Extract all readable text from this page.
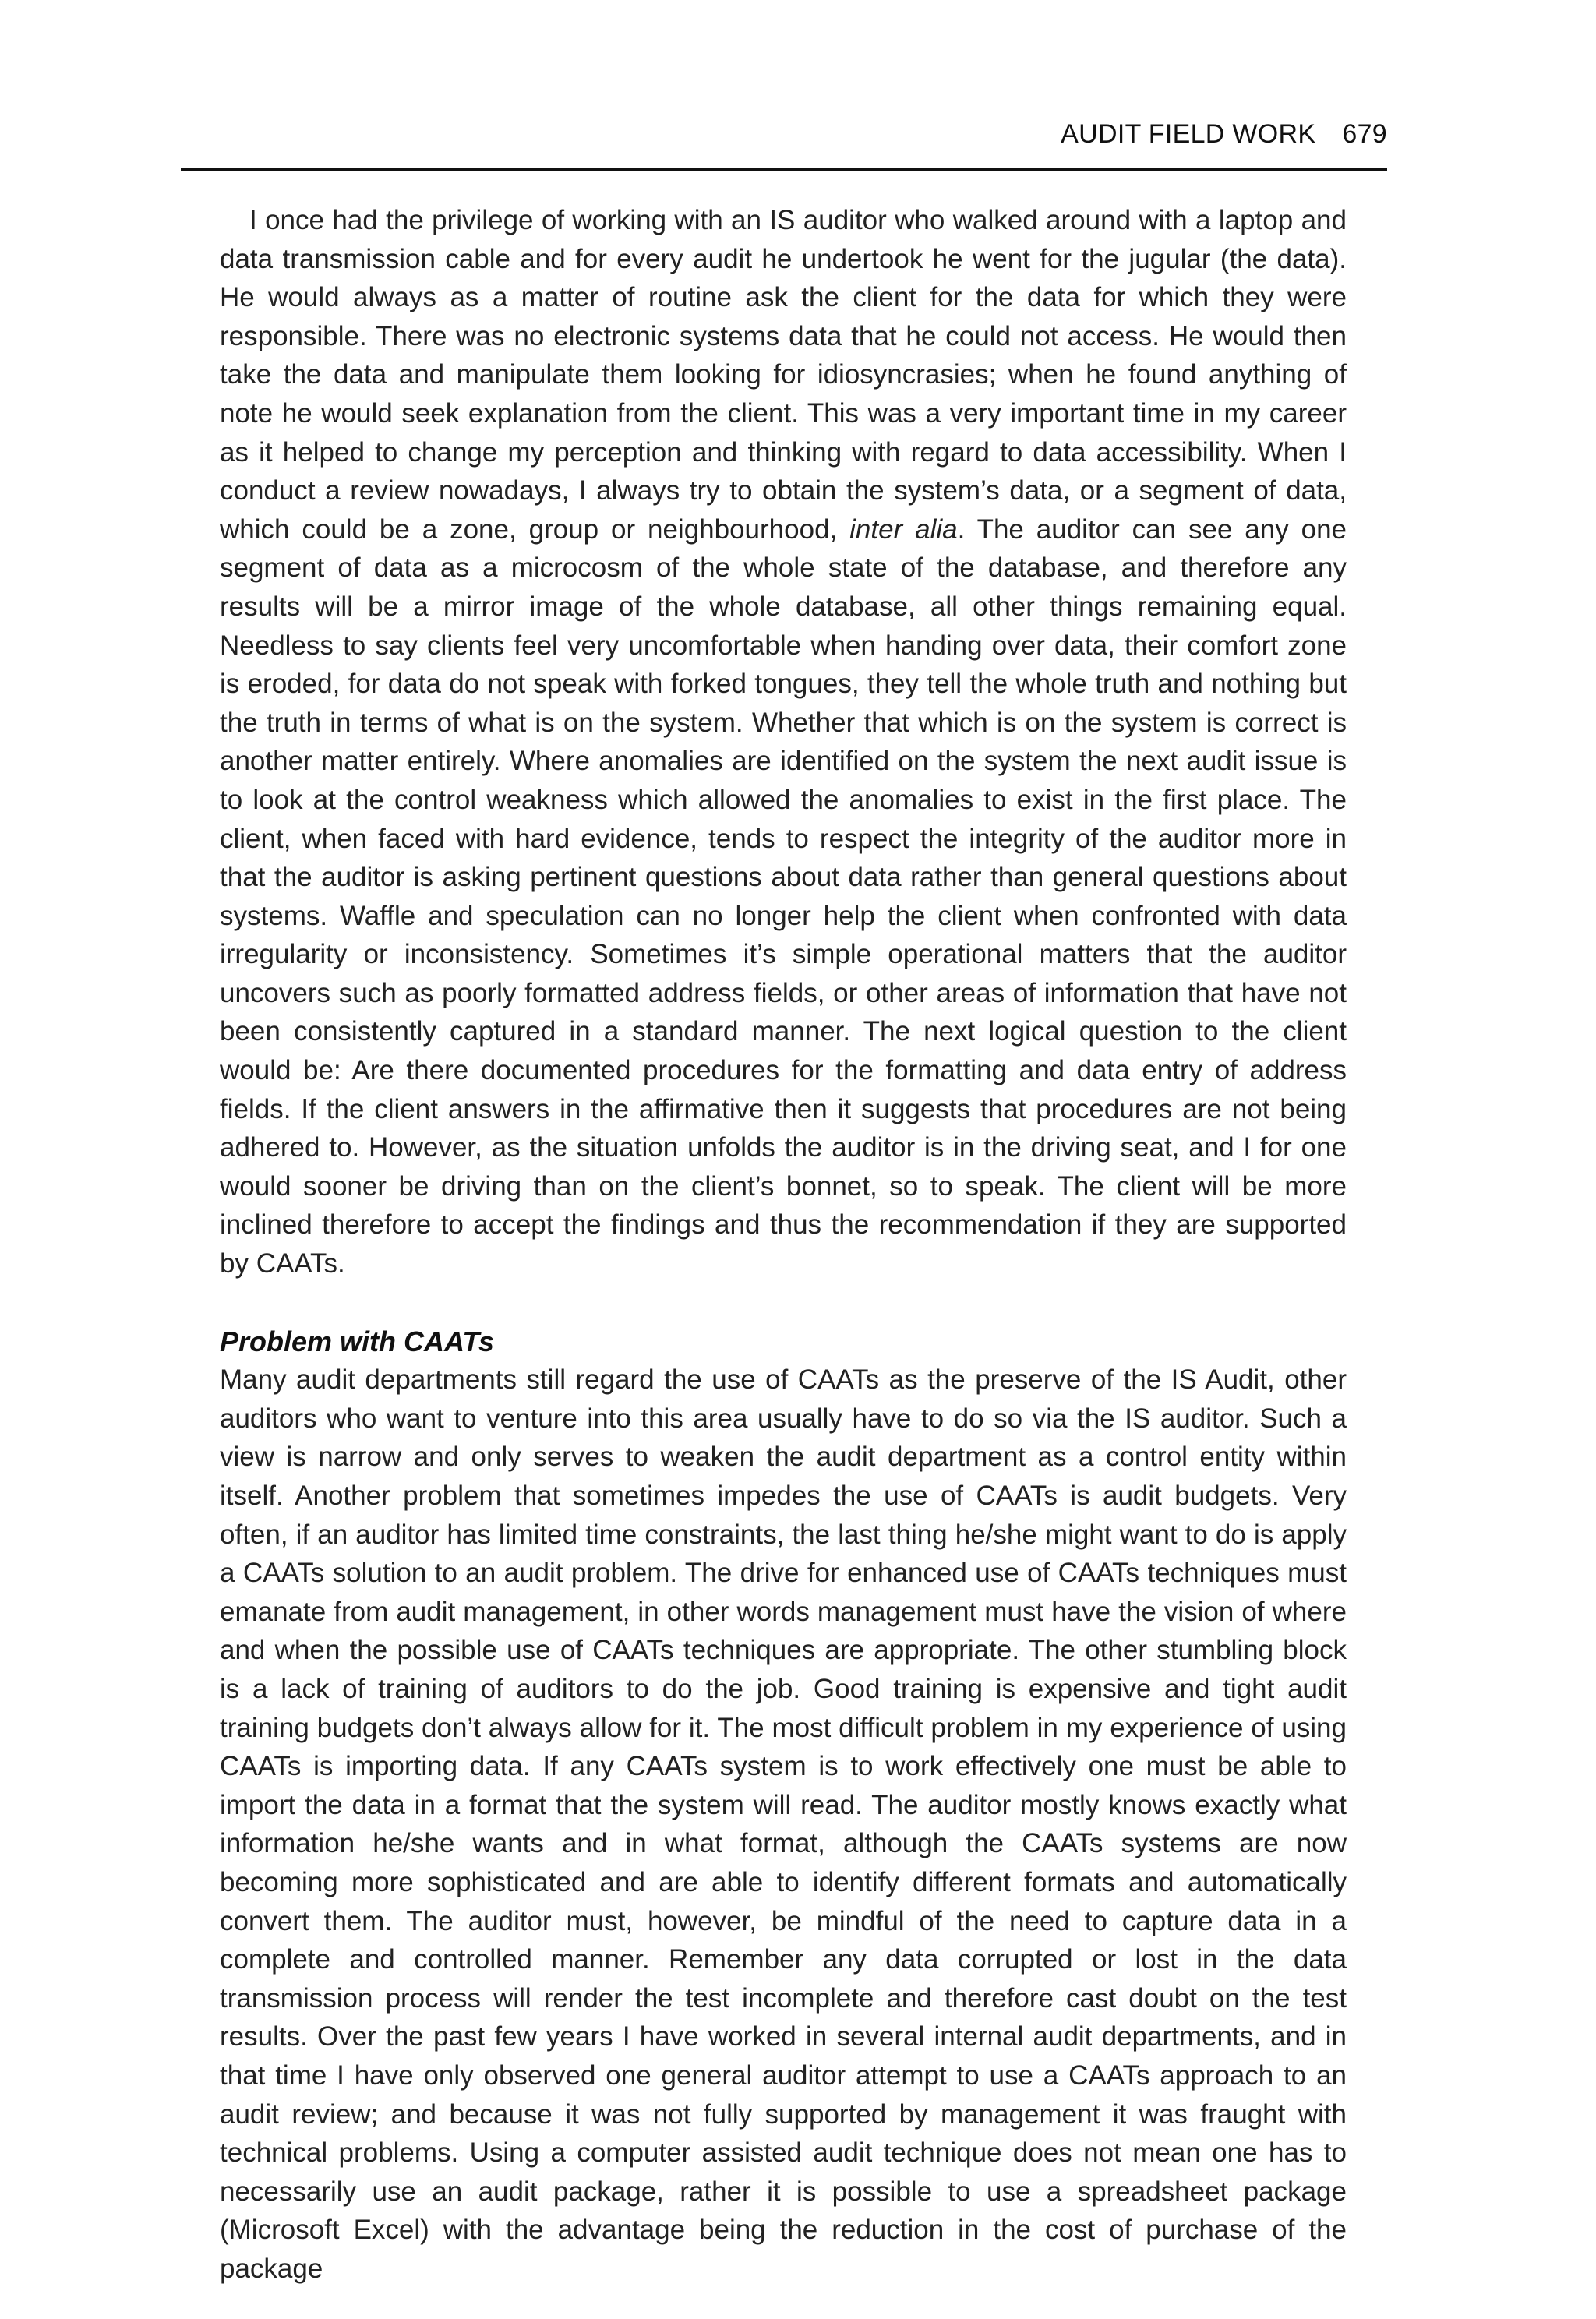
AUDIT FIELD WORK 679

I once had the privilege of working with an IS auditor who walked around with a laptop and data transmission cable and for every audit he undertook he went for the jugular (the data). He would always as a matter of routine ask the client for the data for which they were responsible. There was no electronic systems data that he could not access. He would then take the data and manipulate them looking for idiosyncrasies; when he found anything of note he would seek explanation from the client. This was a very important time in my career as it helped to change my perception and thinking with regard to data accessibility. When I conduct a review nowadays, I always try to obtain the system’s data, or a segment of data, which could be a zone, group or neighbourhood, inter alia. The auditor can see any one segment of data as a microcosm of the whole state of the database, and therefore any results will be a mirror image of the whole database, all other things remaining equal. Needless to say clients feel very uncomfortable when handing over data, their comfort zone is eroded, for data do not speak with forked tongues, they tell the whole truth and nothing but the truth in terms of what is on the system. Whether that which is on the system is correct is another matter entirely. Where anomalies are identified on the system the next audit issue is to look at the control weakness which allowed the anomalies to exist in the first place. The client, when faced with hard evidence, tends to respect the integrity of the auditor more in that the auditor is asking pertinent questions about data rather than general questions about systems. Waffle and speculation can no longer help the client when confronted with data irregularity or inconsistency. Sometimes it’s simple operational matters that the auditor uncovers such as poorly formatted address fields, or other areas of information that have not been consistently captured in a standard manner. The next logical question to the client would be: Are there documented procedures for the formatting and data entry of address fields. If the client answers in the affirmative then it suggests that procedures are not being adhered to. However, as the situation unfolds the auditor is in the driving seat, and I for one would sooner be driving than on the client’s bonnet, so to speak. The client will be more inclined therefore to accept the findings and thus the recommendation if they are supported by CAATs.

Problem with CAATs

Many audit departments still regard the use of CAATs as the preserve of the IS Audit, other auditors who want to venture into this area usually have to do so via the IS auditor. Such a view is narrow and only serves to weaken the audit department as a control entity within itself. Another problem that sometimes impedes the use of CAATs is audit budgets. Very often, if an auditor has limited time constraints, the last thing he/she might want to do is apply a CAATs solution to an audit problem. The drive for enhanced use of CAATs techniques must emanate from audit management, in other words management must have the vision of where and when the possible use of CAATs techniques are appropriate. The other stumbling block is a lack of training of auditors to do the job. Good training is expensive and tight audit training budgets don’t always allow for it. The most difficult problem in my experience of using CAATs is importing data. If any CAATs system is to work effectively one must be able to import the data in a format that the system will read. The auditor mostly knows exactly what information he/she wants and in what format, although the CAATs systems are now becoming more sophisticated and are able to identify different formats and automatically convert them. The auditor must, however, be mindful of the need to capture data in a complete and controlled manner. Remember any data corrupted or lost in the data transmission process will render the test incomplete and therefore cast doubt on the test results. Over the past few years I have worked in several internal audit departments, and in that time I have only observed one general auditor attempt to use a CAATs approach to an audit review; and because it was not fully supported by management it was fraught with technical problems. Using a computer assisted audit technique does not mean one has to necessarily use an audit package, rather it is possible to use a spreadsheet package (Microsoft Excel) with the advantage being the reduction in the cost of purchase of the package
